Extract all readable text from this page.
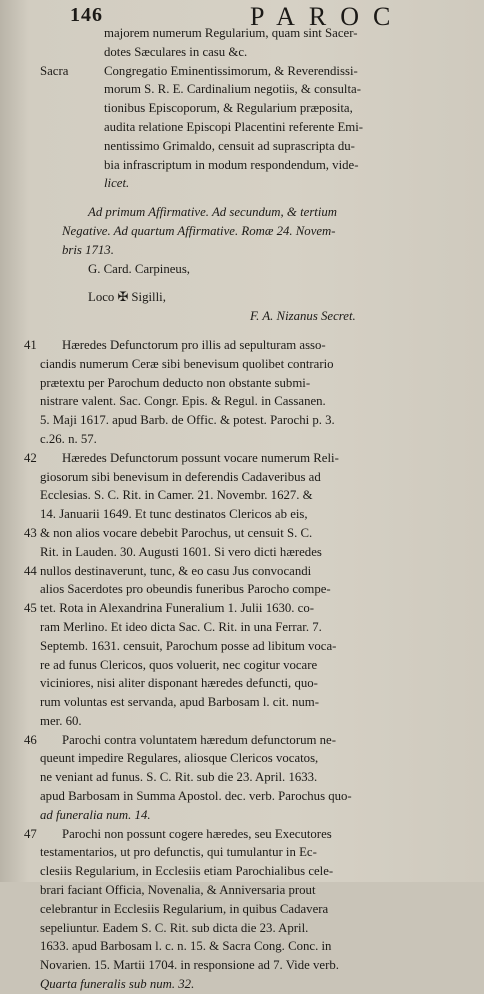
146	PAROC
majorem numerum Regularium, quam sint Sacer-
dotes Sæculares in casu &c.
Sacra	Congregatio Eminentissimorum, & Reverendissi-
morum S. R. E. Cardinalium negotiis, & consulta-
tionibus Episcoporum, & Regularium præposita,
audita relatione Episcopi Placentini referente Emi-
nentissimo Grimaldo, censuit ad suprascripta du-
bia infrascriptum in modum respondendum, vide-
licet.
Ad primum Affirmative. Ad secundum, & tertium
Negative. Ad quartum Affirmative. Romæ 24. Novem-
bris 1713.
G. Card. Carpineus,
Loco ✠ Sigilli,
F. A. Nizanus Secret.
41	Hæredes Defunctorum pro illis ad sepulturam asso-
ciandis numerum Ceræ sibi benevisum quolibet contrario
prætextu per Parochum deducto non obstante submi-
nistrare valent. Sac. Congr. Epis. & Regul. in Cassanen.
5. Maji 1617. apud Barb. de Offic. & potest. Parochi p. 3.
c.26. n. 57.
42	Hæredes Defunctorum possunt vocare numerum Reli-
giosorum sibi benevisum in deferendis Cadaveribus ad
Ecclesias. S. C. Rit. in Camer. 21. Novembr. 1627. &
14. Januarii 1649. Et tunc destinatos Clericos ab eis,
43 & non alios vocare debebit Parochus, ut censuit S. C.
Rit. in Lauden. 30. Augusti 1601. Si vero dicti hæredes
44 nullos destinaverunt, tunc, & eo casu Jus convocandi
alios Sacerdotes pro obeundis funeribus Parocho compe-
45 tet. Rota in Alexandrina Funeralium 1. Julii 1630. co-
ram Merlino. Et ideo dicta Sac. C. Rit. in una Ferrar. 7.
Septemb. 1631. censuit, Parochum posse ad libitum voca-
re ad funus Clericos, quos voluerit, nec cogitur vocare
viciniores, nisi aliter disponant hæredes defuncti, quo-
rum voluntas est servanda, apud Barbosam l. cit. num-
mer. 60.
46	Parochi contra voluntatem hæredum defunctorum ne-
queunt impedire Regulares, aliosque Clericos vocatos,
ne veniant ad funus. S. C. Rit. sub die 23. April. 1633.
apud Barbosam in Summa Apostol. dec. verb. Parochus quo-
ad funeralia num. 14.
47	Parochi non possunt cogere hæredes, seu Executores
testamentarios, ut pro defunctis, qui tumulantur in Ec-
clesiis Regularium, in Ecclesiis etiam Parochialibus cele-
brari faciant Officia, Novenalia, & Anniversaria prout
celebrantur in Ecclesiis Regularium, in quibus Cadavera
sepeliuntur. Eadem S. C. Rit. sub dicta die 23. April.
1633. apud Barbosam l. c. n. 15. & Sacra Cong. Conc. in
Novarien. 15. Martii 1704. in responsione ad 7. Vide verb.
Quarta funeralis sub num. 32.
